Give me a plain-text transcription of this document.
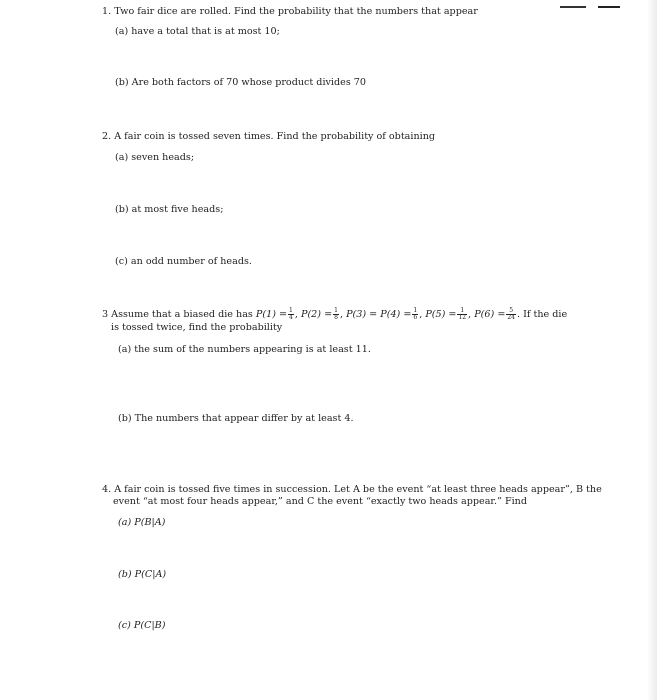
1. Two fair dice are rolled. Find the probability that the numbers that appear
(a) have a total that is at most 10;
(b) Are both factors of 70 whose product divides 70
2. A fair coin is tossed seven times. Find the probability of obtaining
(a) seven heads;
(b) at most five heads;
(c) an odd number of heads.
3 Assume that a biased die has $P(1) = \frac{1}{4}$ , $P(2) = \frac{1}{8}$ , $P(3) = P(4) = \frac{1}{6}$ , $P(5) = \frac{1}{12}$ , $P(6) = \frac{5}{24}$ . If the die
is tossed twice, find the probability
(a) the sum of the numbers appearing is at least 11.
(b) The numbers that appear differ by at least 4.
4. A fair coin is tossed five times in succession. Let A be the event “at least three heads appear”, B the
event “at most four heads appear,” and C the event “exactly two heads appear.” Find
(a) P(B|A)
(b) P(C|A)
(c) P(C|B)
